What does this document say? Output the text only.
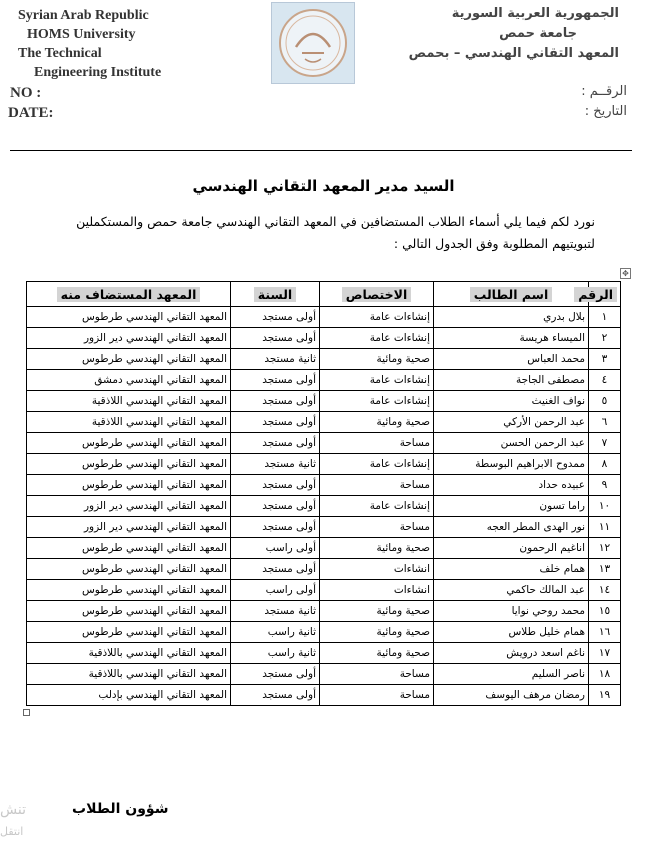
Syrian Arab Republic
HOMS University
The Technical
Engineering Institute
الجمهورية العربية السورية
جامعة حمص
المعهد التقاني الهندسي – بحمص
NO :
DATE:
الرقــم :
التاريخ :
السيد مدير المعهد التقاني الهندسي
نورد لكم فيما يلي أسماء الطلاب المستضافين في المعهد التقاني الهندسي جامعة حمص والمستكملين لتبويتيهم المطلوبة وفق الجدول التالي :
✥
الرقم	اسم الطالب	الاختصاص	السنة	المعهد المستضاف منه
١	بلال بدري	إنشاءات عامة	أولى مستجد	المعهد التقاني الهندسي طرطوس
٢	الميساء هريسة	إنشاءات عامة	أولى مستجد	المعهد التقاني الهندسي دير الزور
٣	محمد العباس	صحية ومائية	ثانية مستجد	المعهد التقاني الهندسي طرطوس
٤	مصطفى الجاجة	إنشاءات عامة	أولى مستجد	المعهد التقاني الهندسي دمشق
٥	نواف الغنيث	إنشاءات عامة	أولى مستجد	المعهد التقاني الهندسي اللاذقية
٦	عبد الرحمن الأركي	صحية ومائية	أولى مستجد	المعهد التقاني الهندسي اللاذقية
٧	عبد الرحمن الحسن	مساحة	أولى مستجد	المعهد التقاني الهندسي طرطوس
٨	ممدوح الابراهيم البوسطة	إنشاءات عامة	ثانية مستجد	المعهد التقاني الهندسي طرطوس
٩	عبيده حداد	مساحة	أولى مستجد	المعهد التقاني الهندسي طرطوس
١٠	راما تسون	إنشاءات عامة	أولى مستجد	المعهد التقاني الهندسي دير الزور
١١	نور الهدى المطر العجه	مساحة	أولى مستجد	المعهد التقاني الهندسي دير الزور
١٢	اناغيم الرحمون	صحية ومائية	أولى راسب	المعهد التقاني الهندسي طرطوس
١٣	همام خلف	انشاءات	أولى مستجد	المعهد التقاني الهندسي طرطوس
١٤	عبد المالك حاكمي	انشاءات	أولى راسب	المعهد التقاني الهندسي طرطوس
١٥	محمد روحي نوايا	صحية ومائية	ثانية مستجد	المعهد التقاني الهندسي طرطوس
١٦	همام خليل طلاس	صحية ومائية	ثانية راسب	المعهد التقاني الهندسي طرطوس
١٧	ناغم اسعد درويش	صحية ومائية	ثانية راسب	المعهد التقاني الهندسي باللاذقية
١٨	ناصر السليم	مساحة	أولى مستجد	المعهد التقاني الهندسي باللاذقية
١٩	رمضان مرهف اليوسف	مساحة	أولى مستجد	المعهد التقاني الهندسي بإدلب
شؤون الطلاب
تنش
انتقل
